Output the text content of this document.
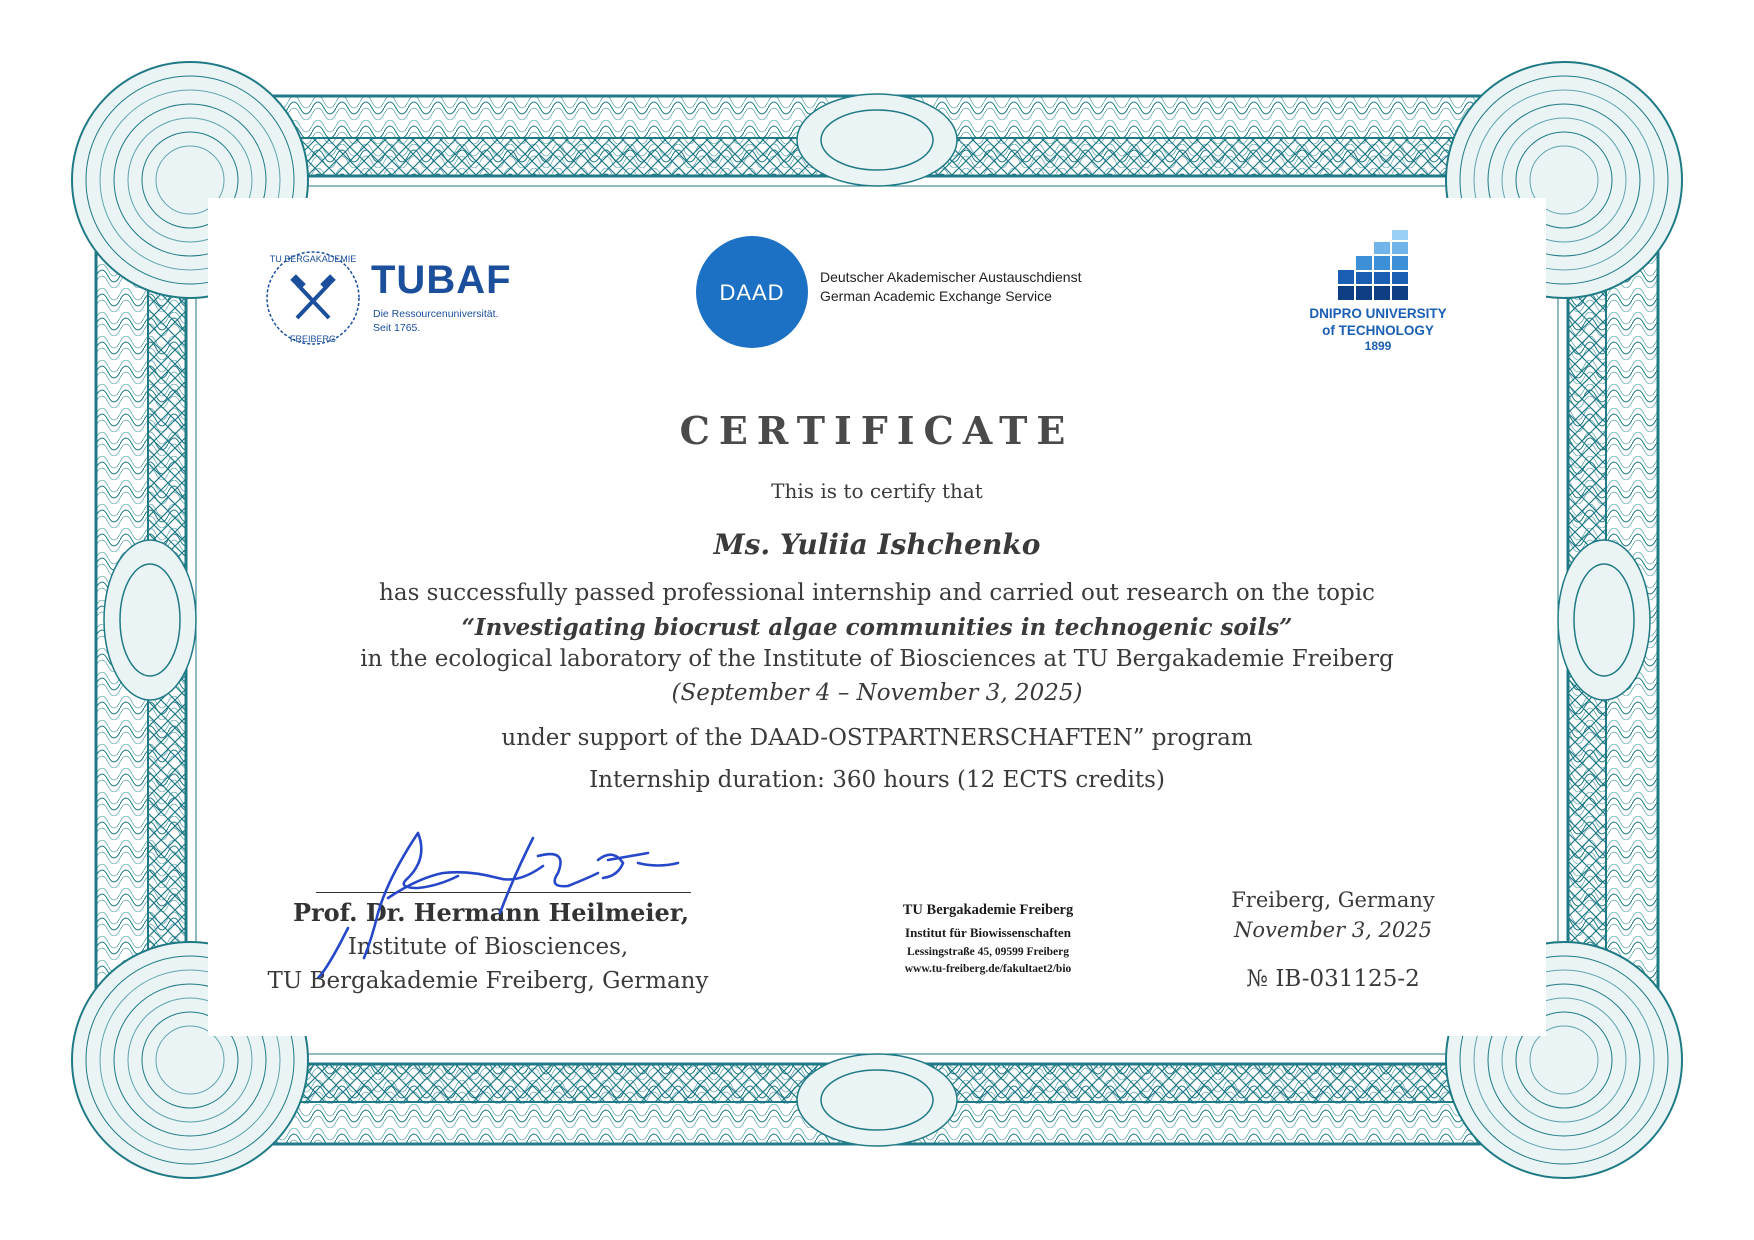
TU BERGAKADEMIE
FREIBERG
TUBAF
Die Ressourcenuniversität.
Seit 1765.
DAAD
Deutscher Akademischer Austauschdienst
German Academic Exchange Service
DNIPRO UNIVERSITY
of TECHNOLOGY
1899
CERTIFICATE
This is to certify that
Ms. Yuliia Ishchenko
has successfully passed professional internship and carried out research on the topic
“Investigating biocrust algae communities in technogenic soils”
in the ecological laboratory of the Institute of Biosciences at TU Bergakademie Freiberg
(September 4 – November 3, 2025)
under support of the DAAD-OSTPARTNERSCHAFTEN” program
Internship duration: 360 hours (12 ECTS credits)
Prof. Dr. Hermann Heilmeier,
Institute of Biosciences,
TU Bergakademie Freiberg, Germany
TU Bergakademie Freiberg
Institut für Biowissenschaften
Lessingstraße 45, 09599 Freiberg
www.tu-freiberg.de/fakultaet2/bio
Freiberg, Germany
November 3, 2025
№ IB-031125-2
